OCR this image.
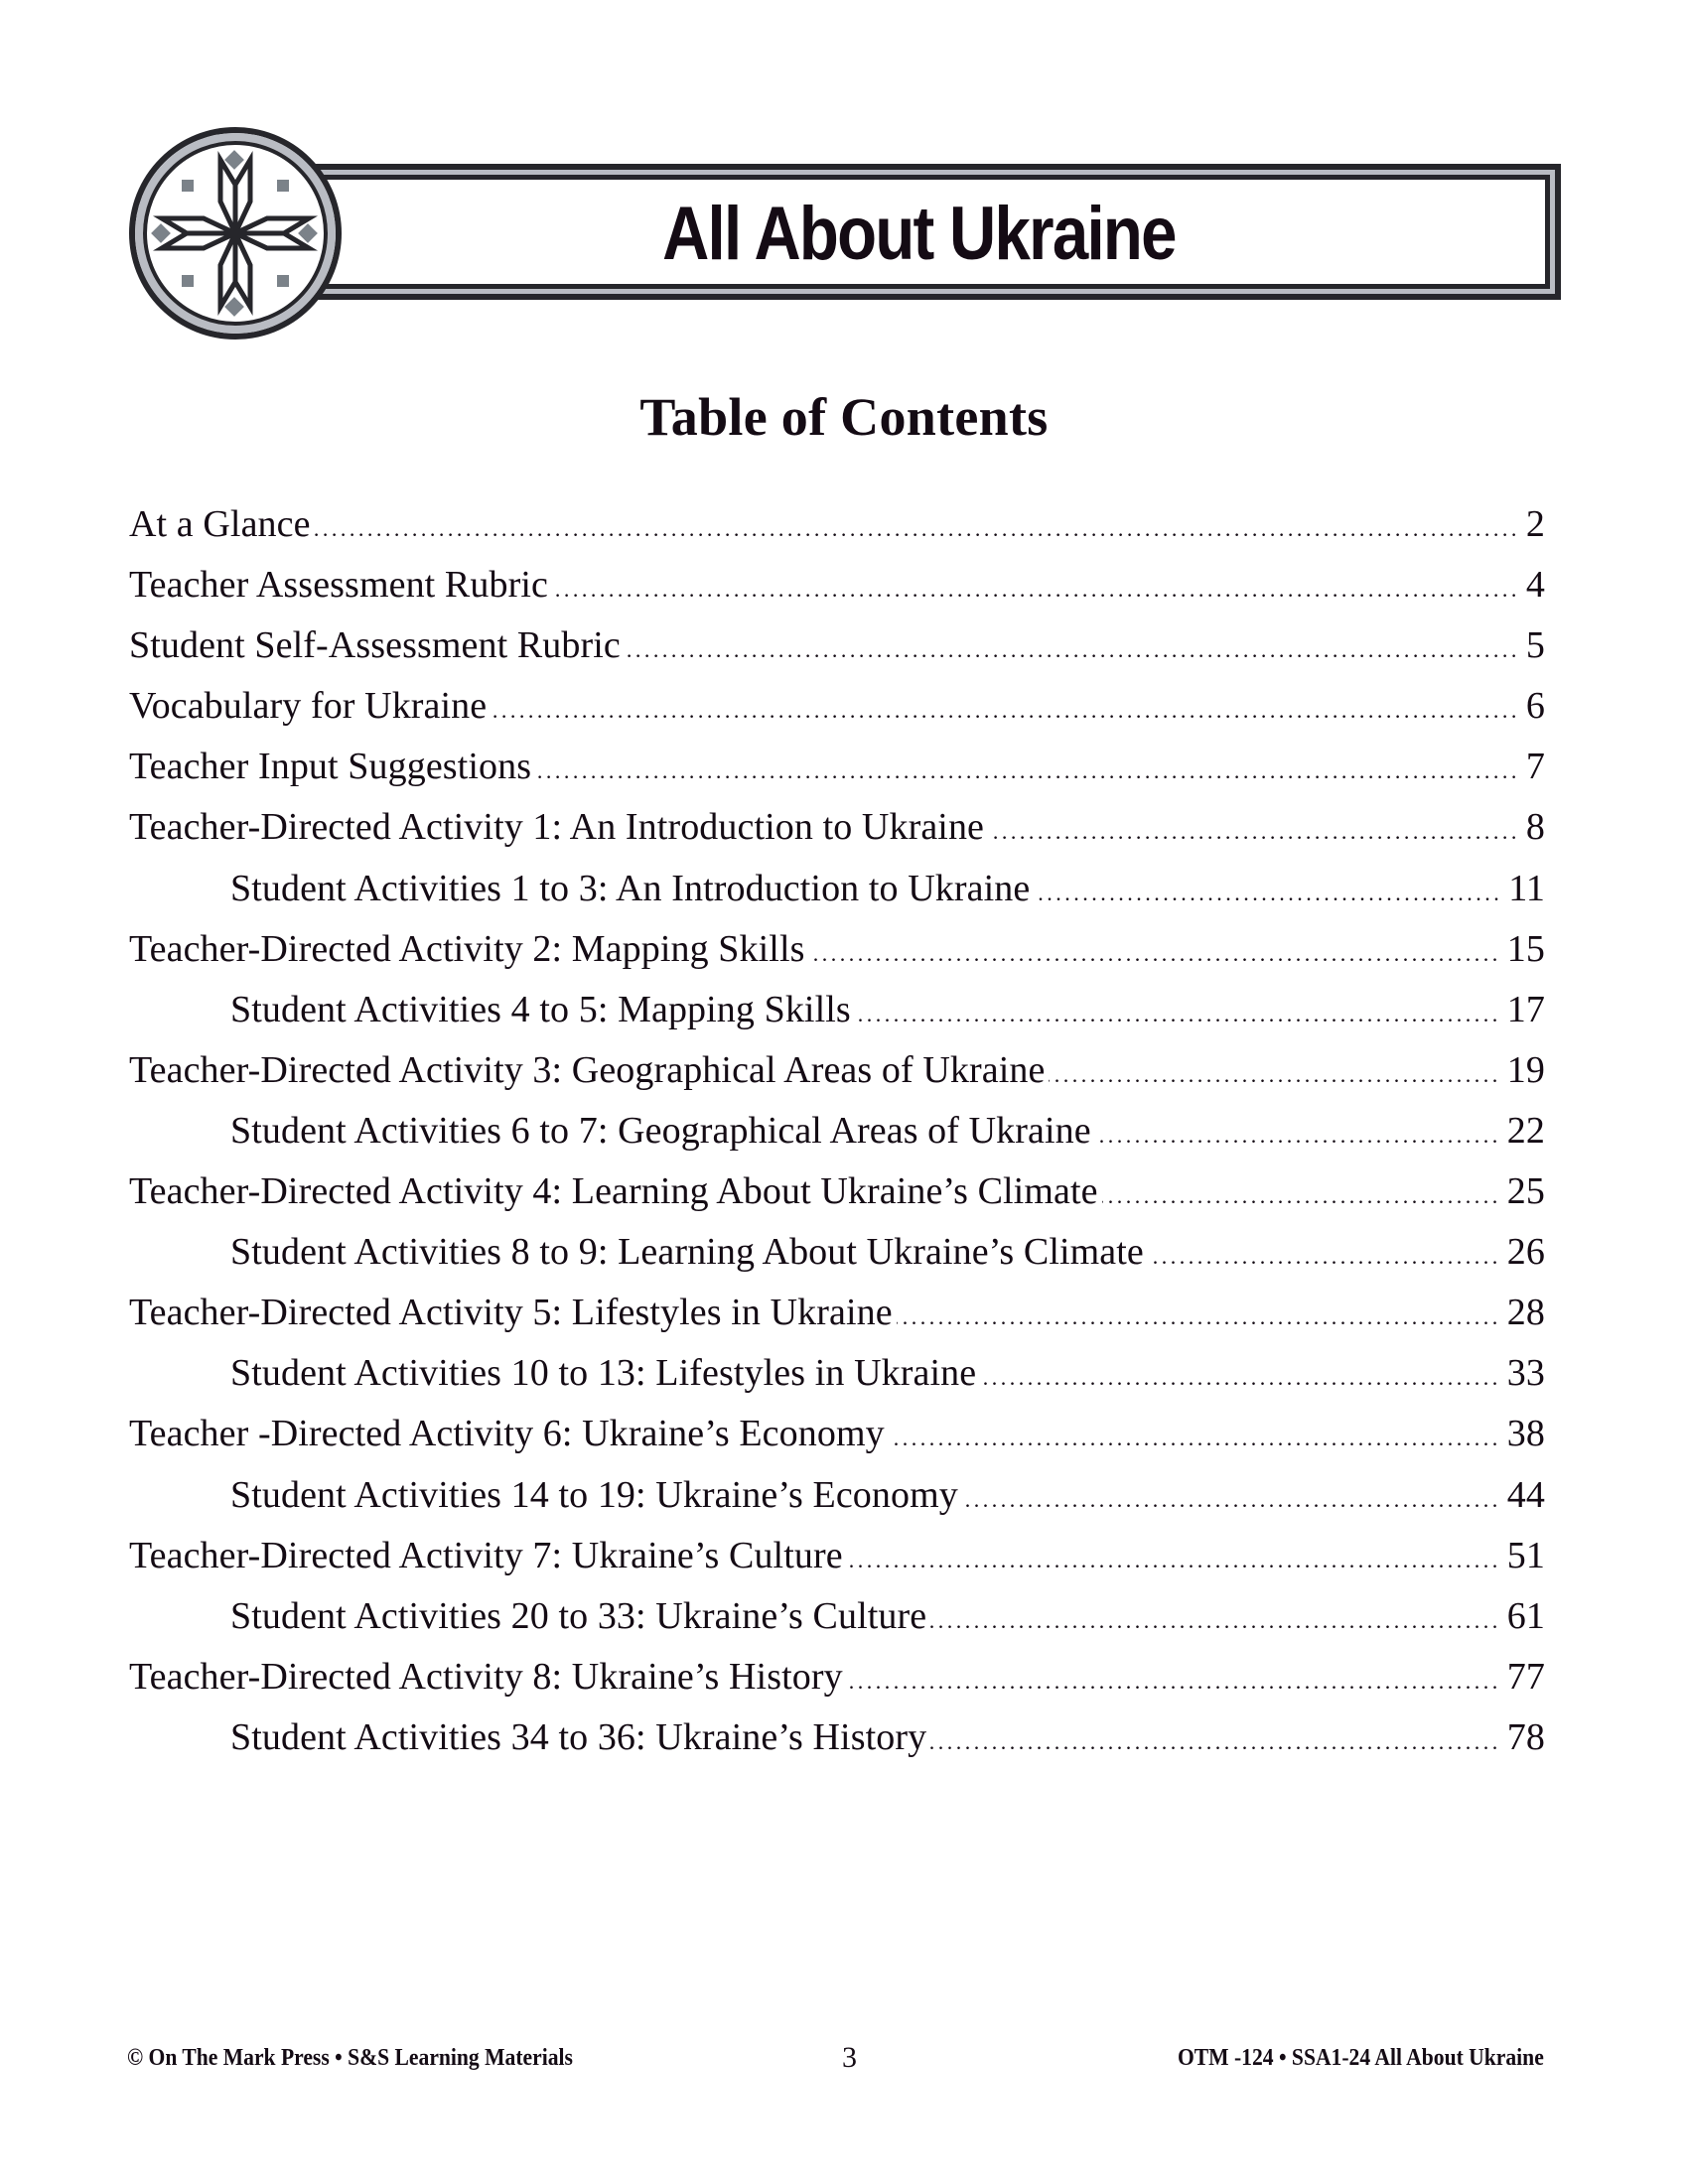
All About Ukraine
Table of Contents
At a Glance .....	2
Teacher Assessment Rubric .....	4
Student Self-Assessment Rubric .....	5
Vocabulary for Ukraine .....	6
Teacher Input Suggestions .....	7
Teacher-Directed Activity 1: An Introduction to Ukraine .....	8
Student Activities 1 to 3: An Introduction to Ukraine .....	11
Teacher-Directed Activity 2: Mapping Skills .....	15
Student Activities 4 to 5: Mapping Skills .....	17
Teacher-Directed Activity 3: Geographical Areas of Ukraine .....	19
Student Activities 6 to 7: Geographical Areas of Ukraine .....	22
Teacher-Directed Activity 4: Learning About Ukraine’s Climate .....	25
Student Activities 8 to 9: Learning About Ukraine’s Climate .....	26
Teacher-Directed Activity 5: Lifestyles in Ukraine .....	28
Student Activities 10 to 13: Lifestyles in Ukraine .....	33
Teacher -Directed Activity 6: Ukraine’s Economy .....	38
Student Activities 14 to 19: Ukraine’s Economy .....	44
Teacher-Directed Activity 7: Ukraine’s Culture .....	51
Student Activities 20 to 33: Ukraine’s Culture .....	61
Teacher-Directed Activity 8: Ukraine’s History .....	77
Student Activities 34 to 36: Ukraine’s History .....	78
© On The Mark Press • S&S Learning Materials	3	OTM -124 • SSA1-24 All About Ukraine
